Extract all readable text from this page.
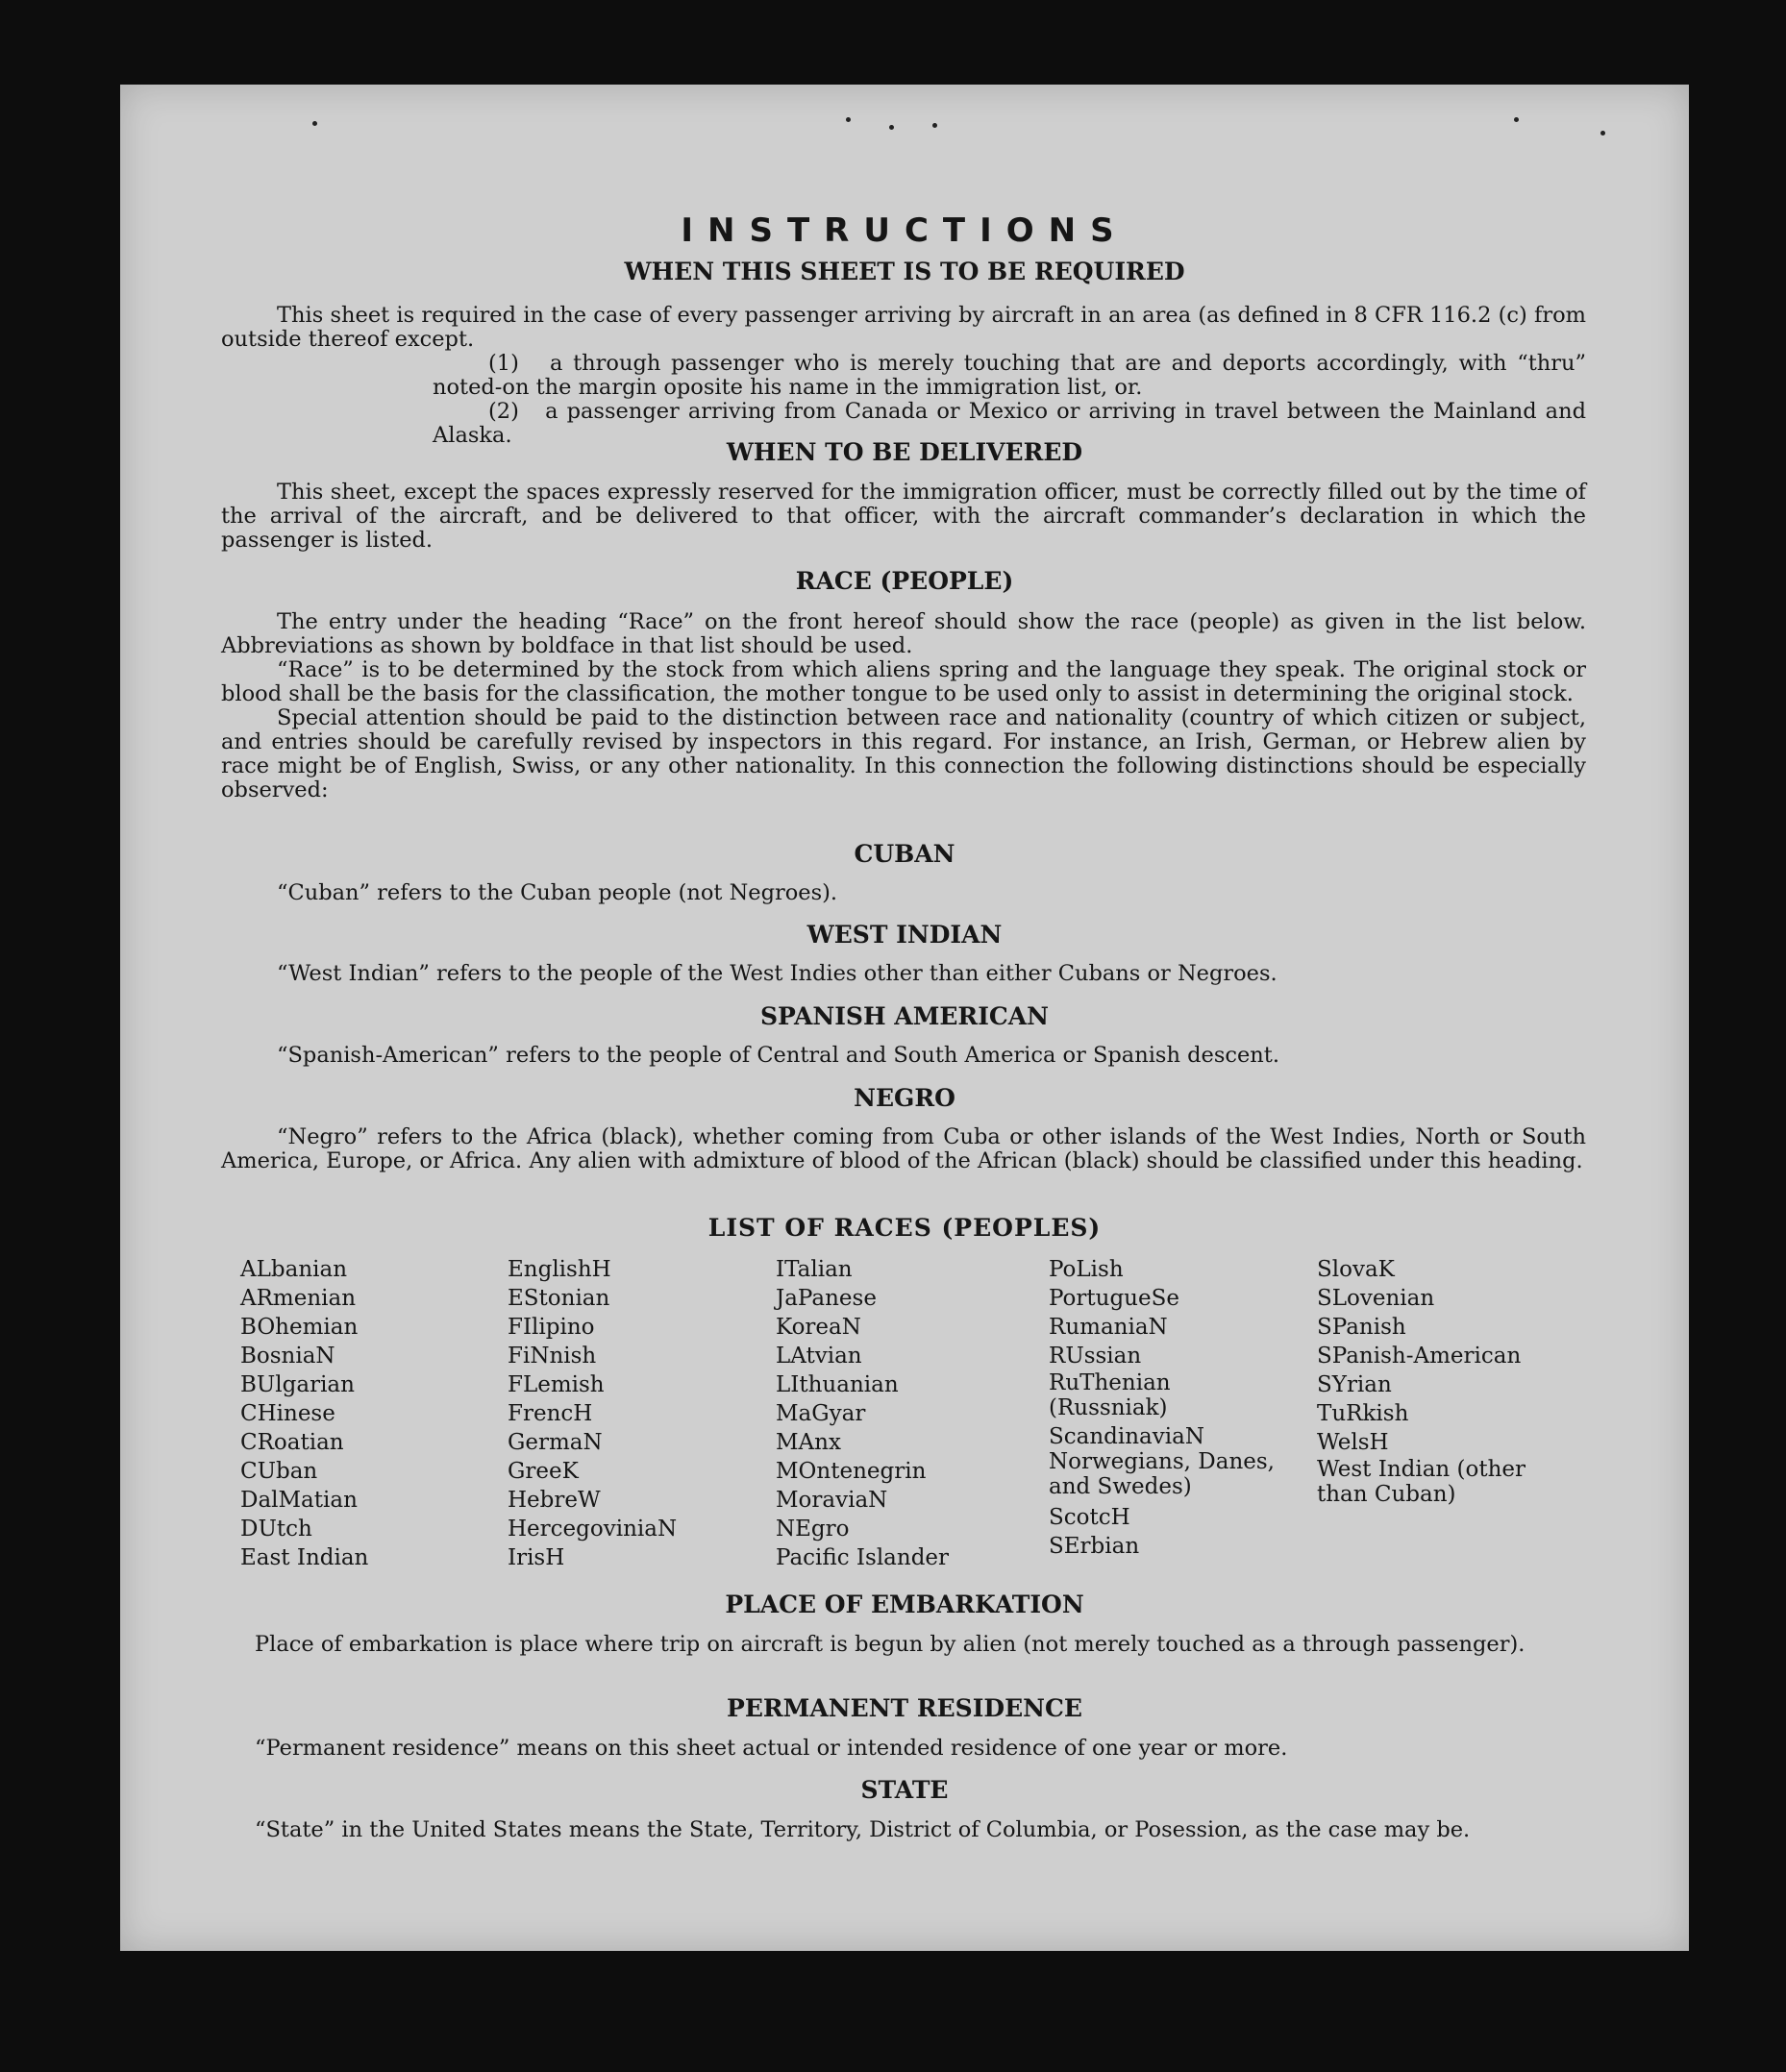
INSTRUCTIONS
WHEN THIS SHEET IS TO BE REQUIRED

This sheet is required in the case of every passenger arriving by aircraft in an area (as defined in 8 CFR 116.2 (c) from outside thereof except.

(1) a through passenger who is merely touching that are and deports accordingly, with “thru” noted-on the margin oposite his name in the immigration list, or.

(2) a passenger arriving from Canada or Mexico or arriving in travel between the Mainland and Alaska.

WHEN TO BE DELIVERED

This sheet, except the spaces expressly reserved for the immigration officer, must be correctly filled out by the time of the arrival of the aircraft, and be delivered to that officer, with the aircraft commander’s declaration in which the passenger is listed.

RACE (PEOPLE)

The entry under the heading “Race” on the front hereof should show the race (people) as given in the list below. Abbreviations as shown by boldface in that list should be used.

“Race” is to be determined by the stock from which aliens spring and the language they speak. The original stock or blood shall be the basis for the classification, the mother tongue to be used only to assist in determining the original stock.

Special attention should be paid to the distinction between race and nationality (country of which citizen or subject, and entries should be carefully revised by inspectors in this regard. For instance, an Irish, German, or Hebrew alien by race might be of English, Swiss, or any other nationality. In this connection the following distinctions should be especially observed:

CUBAN

“Cuban” refers to the Cuban people (not Negroes).

WEST INDIAN

“West Indian” refers to the people of the West Indies other than either Cubans or Negroes.

SPANISH AMERICAN

“Spanish-American” refers to the people of Central and South America or Spanish descent.

NEGRO

“Negro” refers to the Africa (black), whether coming from Cuba or other islands of the West Indies, North or South America, Europe, or Africa. Any alien with admixture of blood of the African (black) should be classified under this heading.

LIST OF RACES (PEOPLES)
ALbanian
ARmenian
BOhemian
BosniaN
BUlgarian
CHinese
CRoatian
CUban
DalMatian
DUtch
East Indian
EnglishH
EStonian
FIlipino
FiNnish
FLemish
FrencH
GermaN
GreeK
HebreW
HercegoviniaN
IrisH
ITalian
JaPanese
KoreaN
LAtvian
LIthuanian
MaGyar
MAnx
MOntenegrin
MoraviaN
NEgro
Pacific Islander
PoLish
PortugueSe
RumaniaN
RUssian
RuThenian (Russniak)
ScandinaviaN Norwegians, Danes, and Swedes)
ScotcH
SErbian
SlovaK
SLovenian
SPanish
SPanish-American
SYrian
TuRkish
WelsH
West Indian (other than Cuban)
PLACE OF EMBARKATION

Place of embarkation is place where trip on aircraft is begun by alien (not merely touched as a through passenger).

PERMANENT RESIDENCE

“Permanent residence” means on this sheet actual or intended residence of one year or more.

STATE

“State” in the United States means the State, Territory, District of Columbia, or Posession, as the case may be.
